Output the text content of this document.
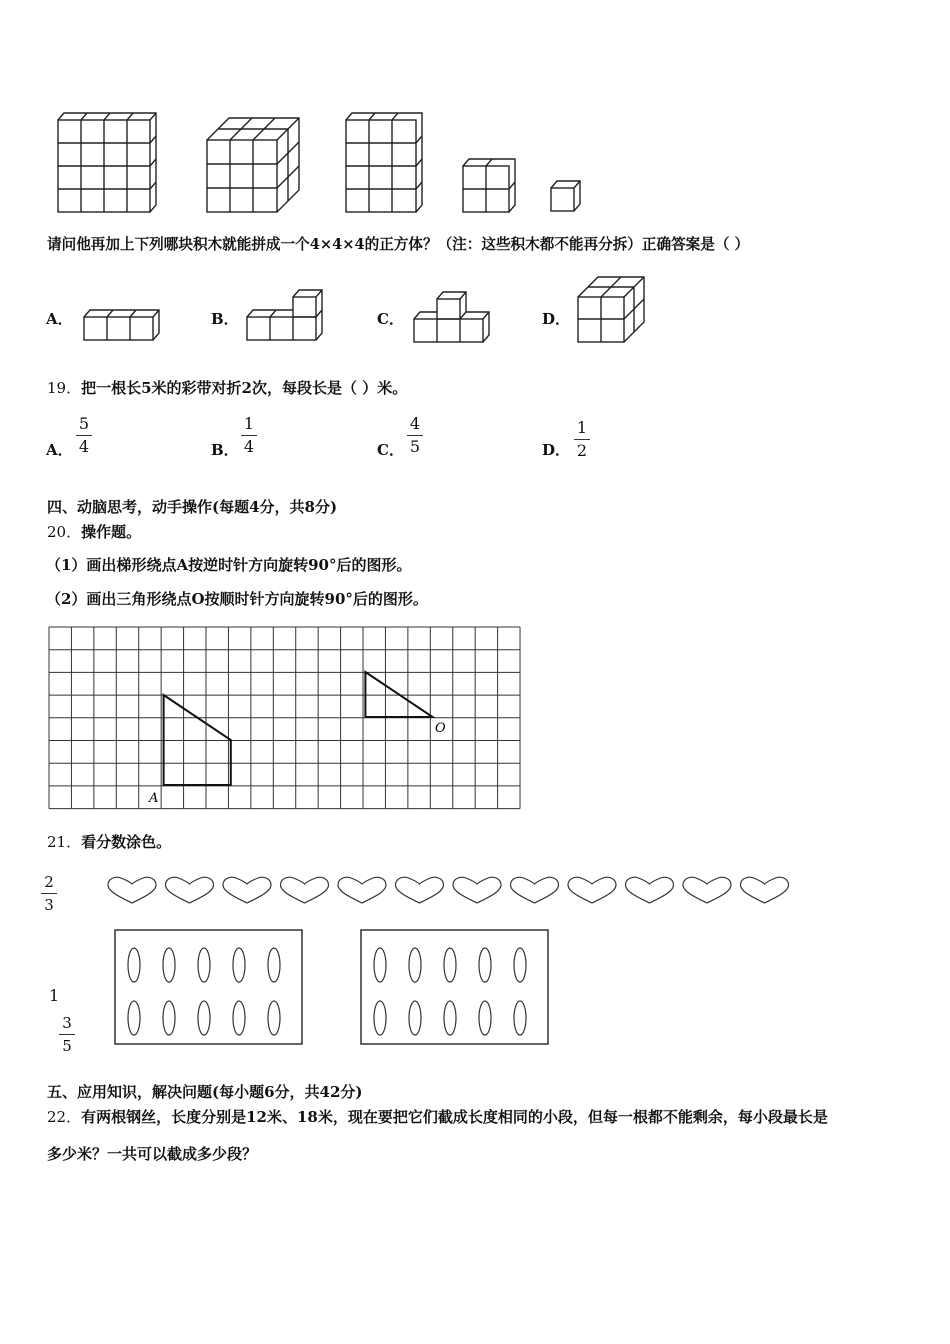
请问他再加上下列哪块积木就能拼成一个4×4×4的正方体？（注：这些积木都不能再分拆）正确答案是（ ）
A．	B．	C．	D．
19．把一根长5米的彩带对折2次，每段长是（ ）米。
A．
5
4	B．
1
4	C．
4
5	D．
1
2
四、动脑思考，动手操作(每题4分，共8分)
20．操作题。
（1）画出梯形绕点A按逆时针方向旋转90°后的图形。
（2）画出三角形绕点O按顺时针方向旋转90°后的图形。
A
O
21．看分数涂色。
2
3
1
3
5
五、应用知识，解决问题(每小题6分，共42分)
22．有两根钢丝，长度分别是12米、18米，现在要把它们截成长度相同的小段，但每一根都不能剩余，每小段最长是
多少米？一共可以截成多少段？
